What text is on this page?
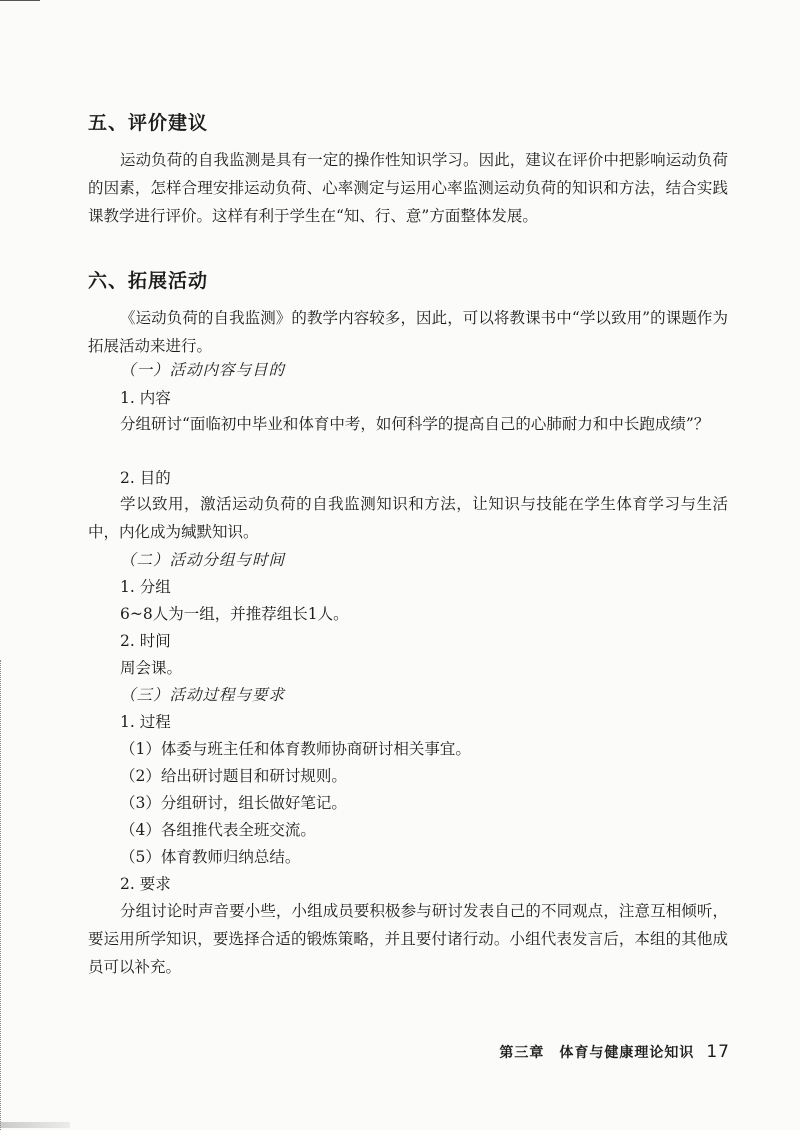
五、评价建议
运动负荷的自我监测是具有一定的操作性知识学习。因此，建议在评价中把影响运动负荷的因素，怎样合理安排运动负荷、心率测定与运用心率监测运动负荷的知识和方法，结合实践课教学进行评价。这样有利于学生在“知、行、意”方面整体发展。
六、拓展活动
《运动负荷的自我监测》的教学内容较多，因此，可以将教课书中“学以致用”的课题作为拓展活动来进行。
（一）活动内容与目的
1. 内容
分组研讨“面临初中毕业和体育中考，如何科学的提高自己的心肺耐力和中长跑成绩”？
2. 目的
学以致用，激活运动负荷的自我监测知识和方法，让知识与技能在学生体育学习与生活中，内化成为缄默知识。
（二）活动分组与时间
1. 分组
6~8人为一组，并推荐组长1人。
2. 时间
周会课。
（三）活动过程与要求
1. 过程
（1）体委与班主任和体育教师协商研讨相关事宜。
（2）给出研讨题目和研讨规则。
（3）分组研讨，组长做好笔记。
（4）各组推代表全班交流。
（5）体育教师归纳总结。
2. 要求
分组讨论时声音要小些，小组成员要积极参与研讨发表自己的不同观点，注意互相倾听，要运用所学知识，要选择合适的锻炼策略，并且要付诸行动。小组代表发言后，本组的其他成员可以补充。
第三章　体育与健康理论知识 17
